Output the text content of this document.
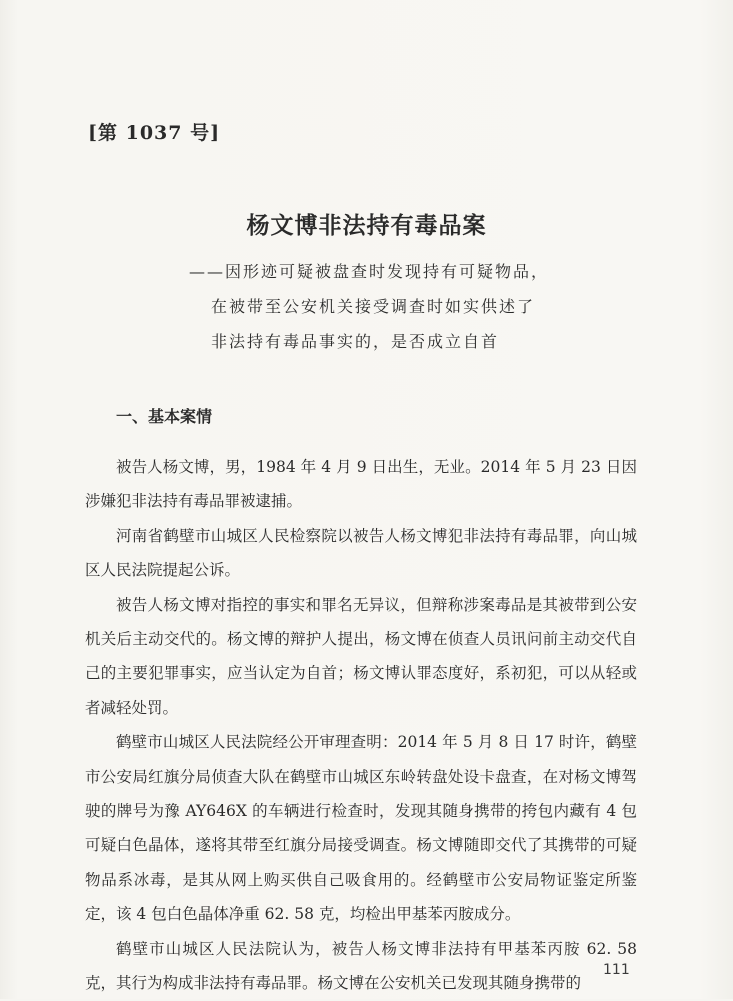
[第 1037 号]
杨文博非法持有毒品案
——因形迹可疑被盘查时发现持有可疑物品，
在被带至公安机关接受调查时如实供述了
非法持有毒品事实的，是否成立自首
一、基本案情

被告人杨文博，男，1984 年 4 月 9 日出生，无业。2014 年 5 月 23 日因涉嫌犯非法持有毒品罪被逮捕。

河南省鹤壁市山城区人民检察院以被告人杨文博犯非法持有毒品罪，向山城区人民法院提起公诉。

被告人杨文博对指控的事实和罪名无异议，但辩称涉案毒品是其被带到公安机关后主动交代的。杨文博的辩护人提出，杨文博在侦查人员讯问前主动交代自己的主要犯罪事实，应当认定为自首；杨文博认罪态度好，系初犯，可以从轻或者减轻处罚。

鹤壁市山城区人民法院经公开审理查明：2014 年 5 月 8 日 17 时许，鹤壁市公安局红旗分局侦查大队在鹤壁市山城区东岭转盘处设卡盘查，在对杨文博驾驶的牌号为豫 AY646X 的车辆进行检查时，发现其随身携带的挎包内藏有 4 包可疑白色晶体，遂将其带至红旗分局接受调查。杨文博随即交代了其携带的可疑物品系冰毒，是其从网上购买供自己吸食用的。经鹤壁市公安局物证鉴定所鉴定，该 4 包白色晶体净重 62. 58 克，均检出甲基苯丙胺成分。

鹤壁市山城区人民法院认为，被告人杨文博非法持有甲基苯丙胺 62. 58 克，其行为构成非法持有毒品罪。杨文博在公安机关已发现其随身携带的

111
